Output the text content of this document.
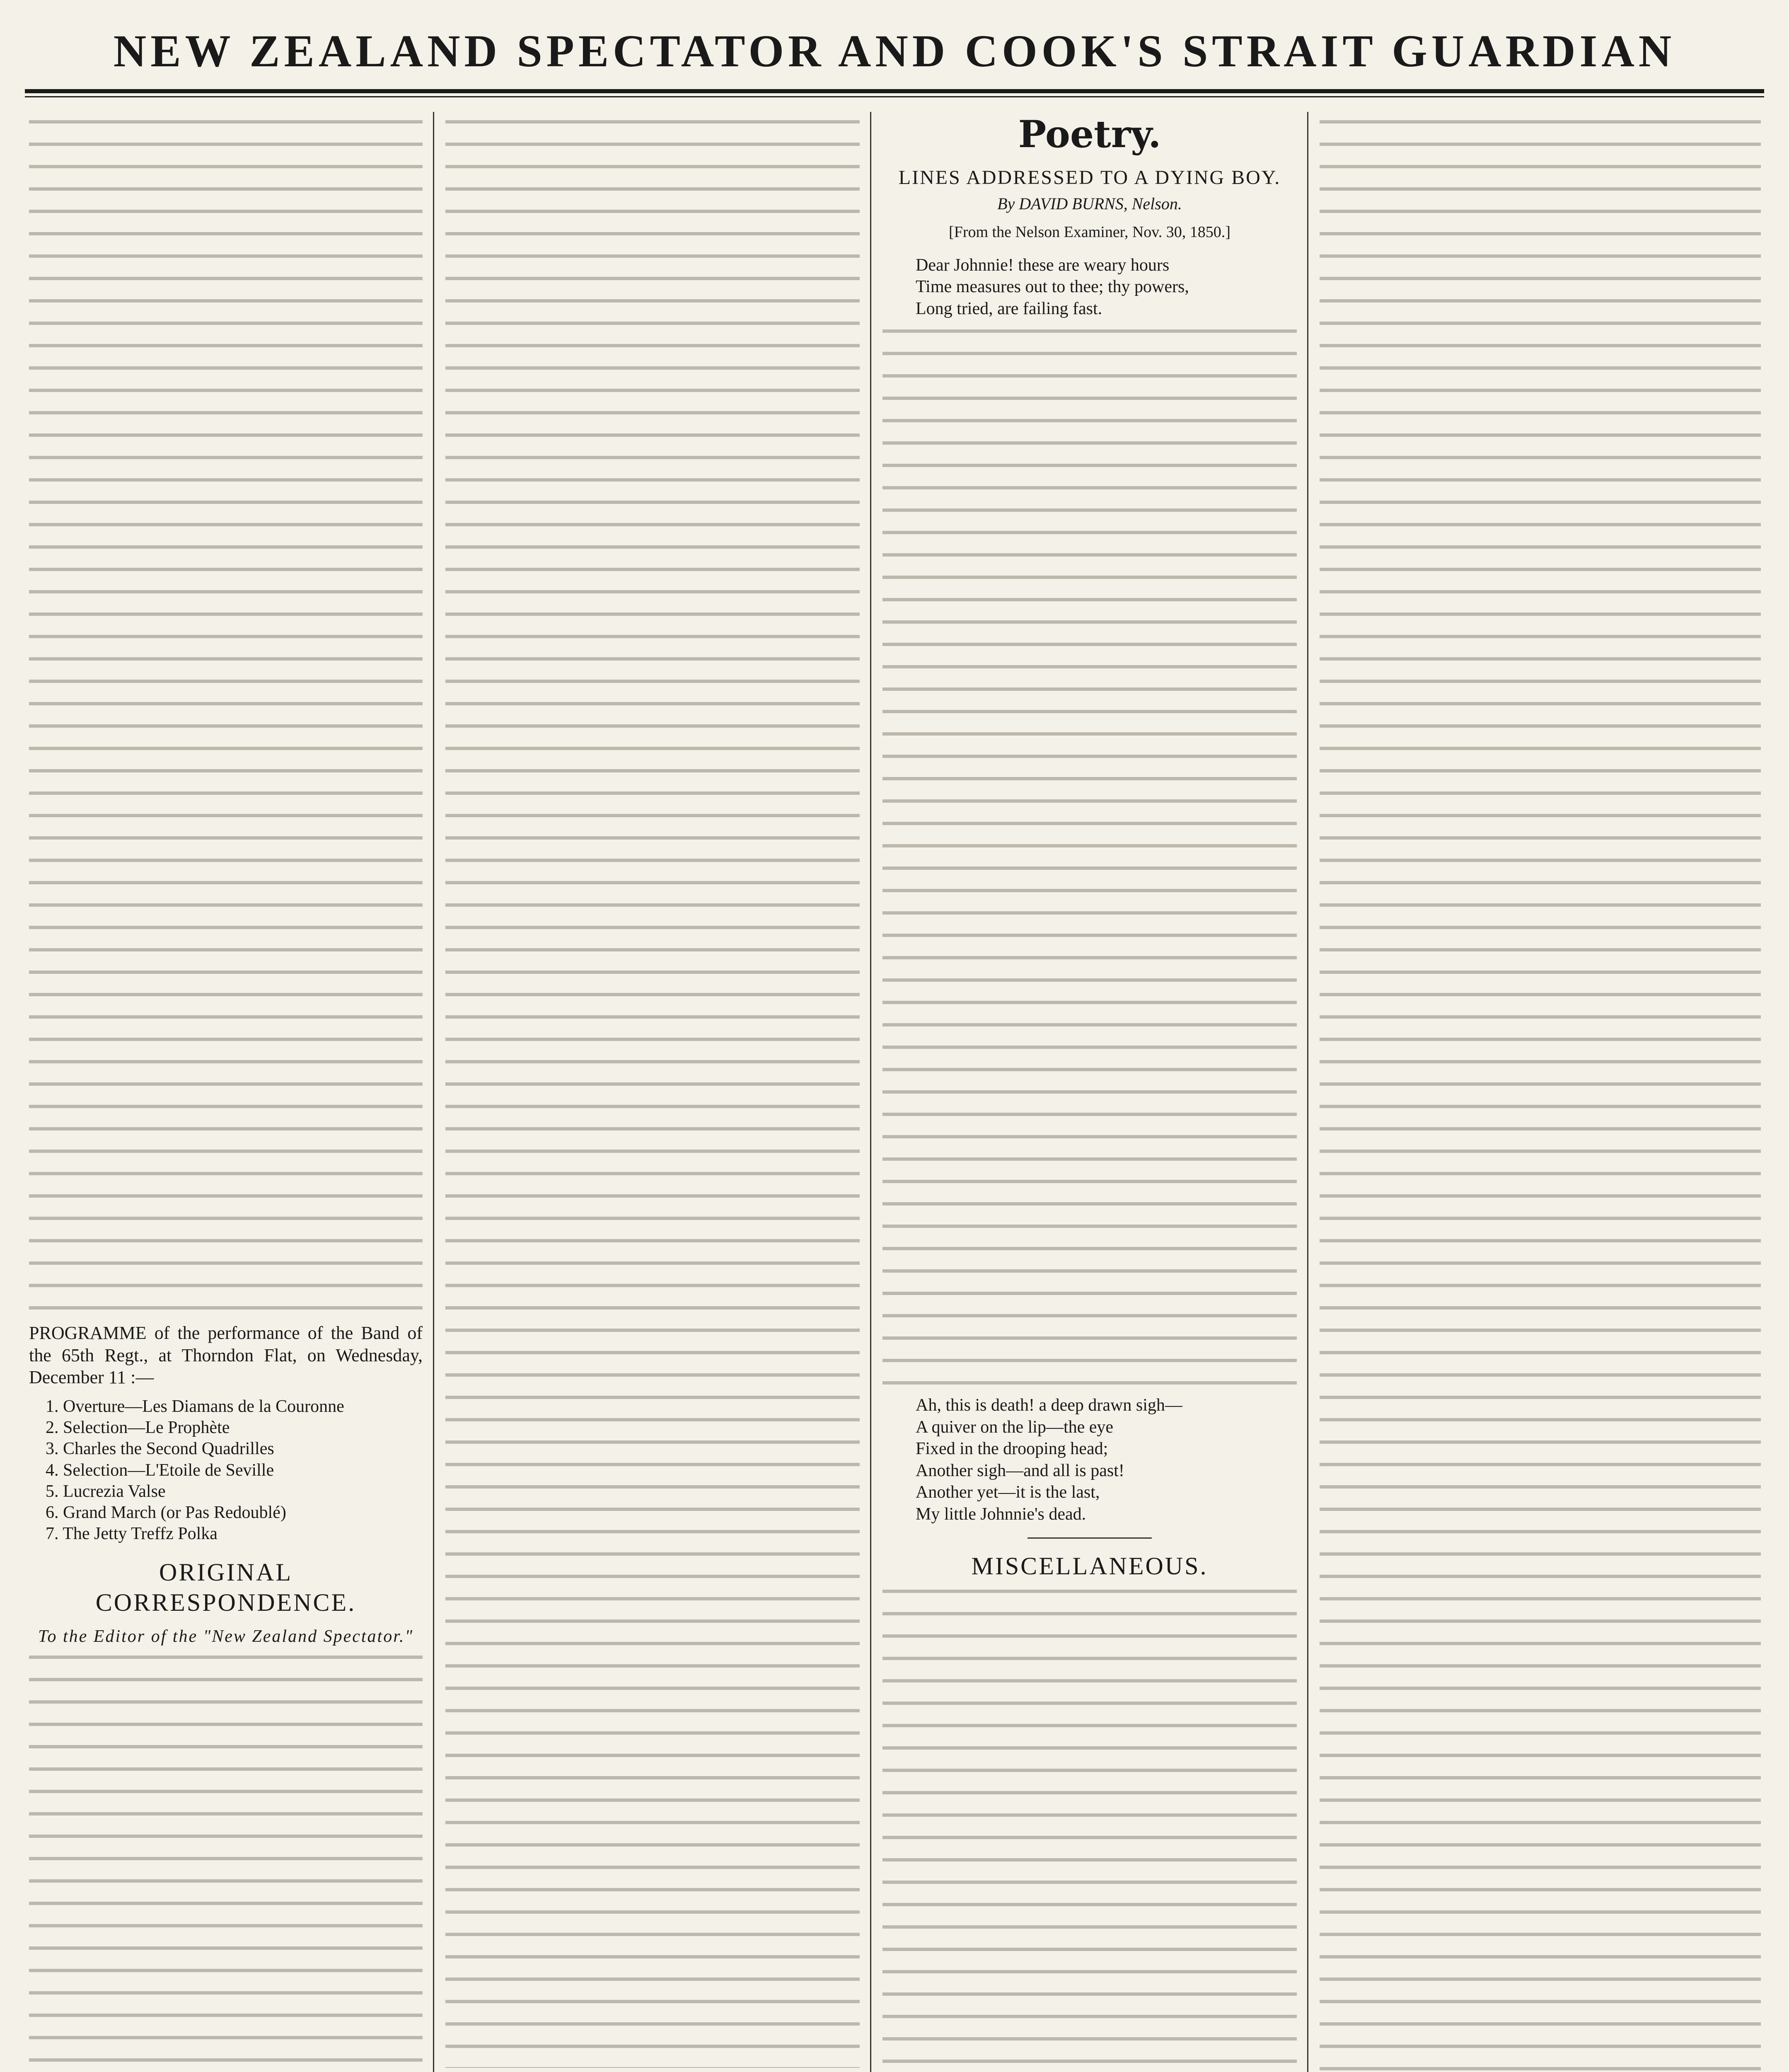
NEW ZEALAND SPECTATOR AND COOK'S STRAIT GUARDIAN

PROGRAMME of the performance of the Band of the 65th Regt., at Thorndon Flat, on Wednesday, December 11 :—

1. Overture—Les Diamans de la Couronne
2. Selection—Le Prophète
3. Charles the Second Quadrilles
4. Selection—L'Etoile de Seville
5. Lucrezia Valse
6. Grand March (or Pas Redoublé)
7. The Jetty Treffz Polka
ORIGINAL CORRESPONDENCE.
To the Editor of the "New Zealand Spectator."
Poetry.
LINES ADDRESSED TO A DYING BOY.
By DAVID BURNS, Nelson.
[From the Nelson Examiner, Nov. 30, 1850.]
Dear Johnnie! these are weary hours
Time measures out to thee; thy powers,
Long tried, are failing fast.
Ah, this is death! a deep drawn sigh—
A quiver on the lip—the eye
Fixed in the drooping head;
Another sigh—and all is past!
Another yet—it is the last,
My little Johnnie's dead.
MISCELLANEOUS.
